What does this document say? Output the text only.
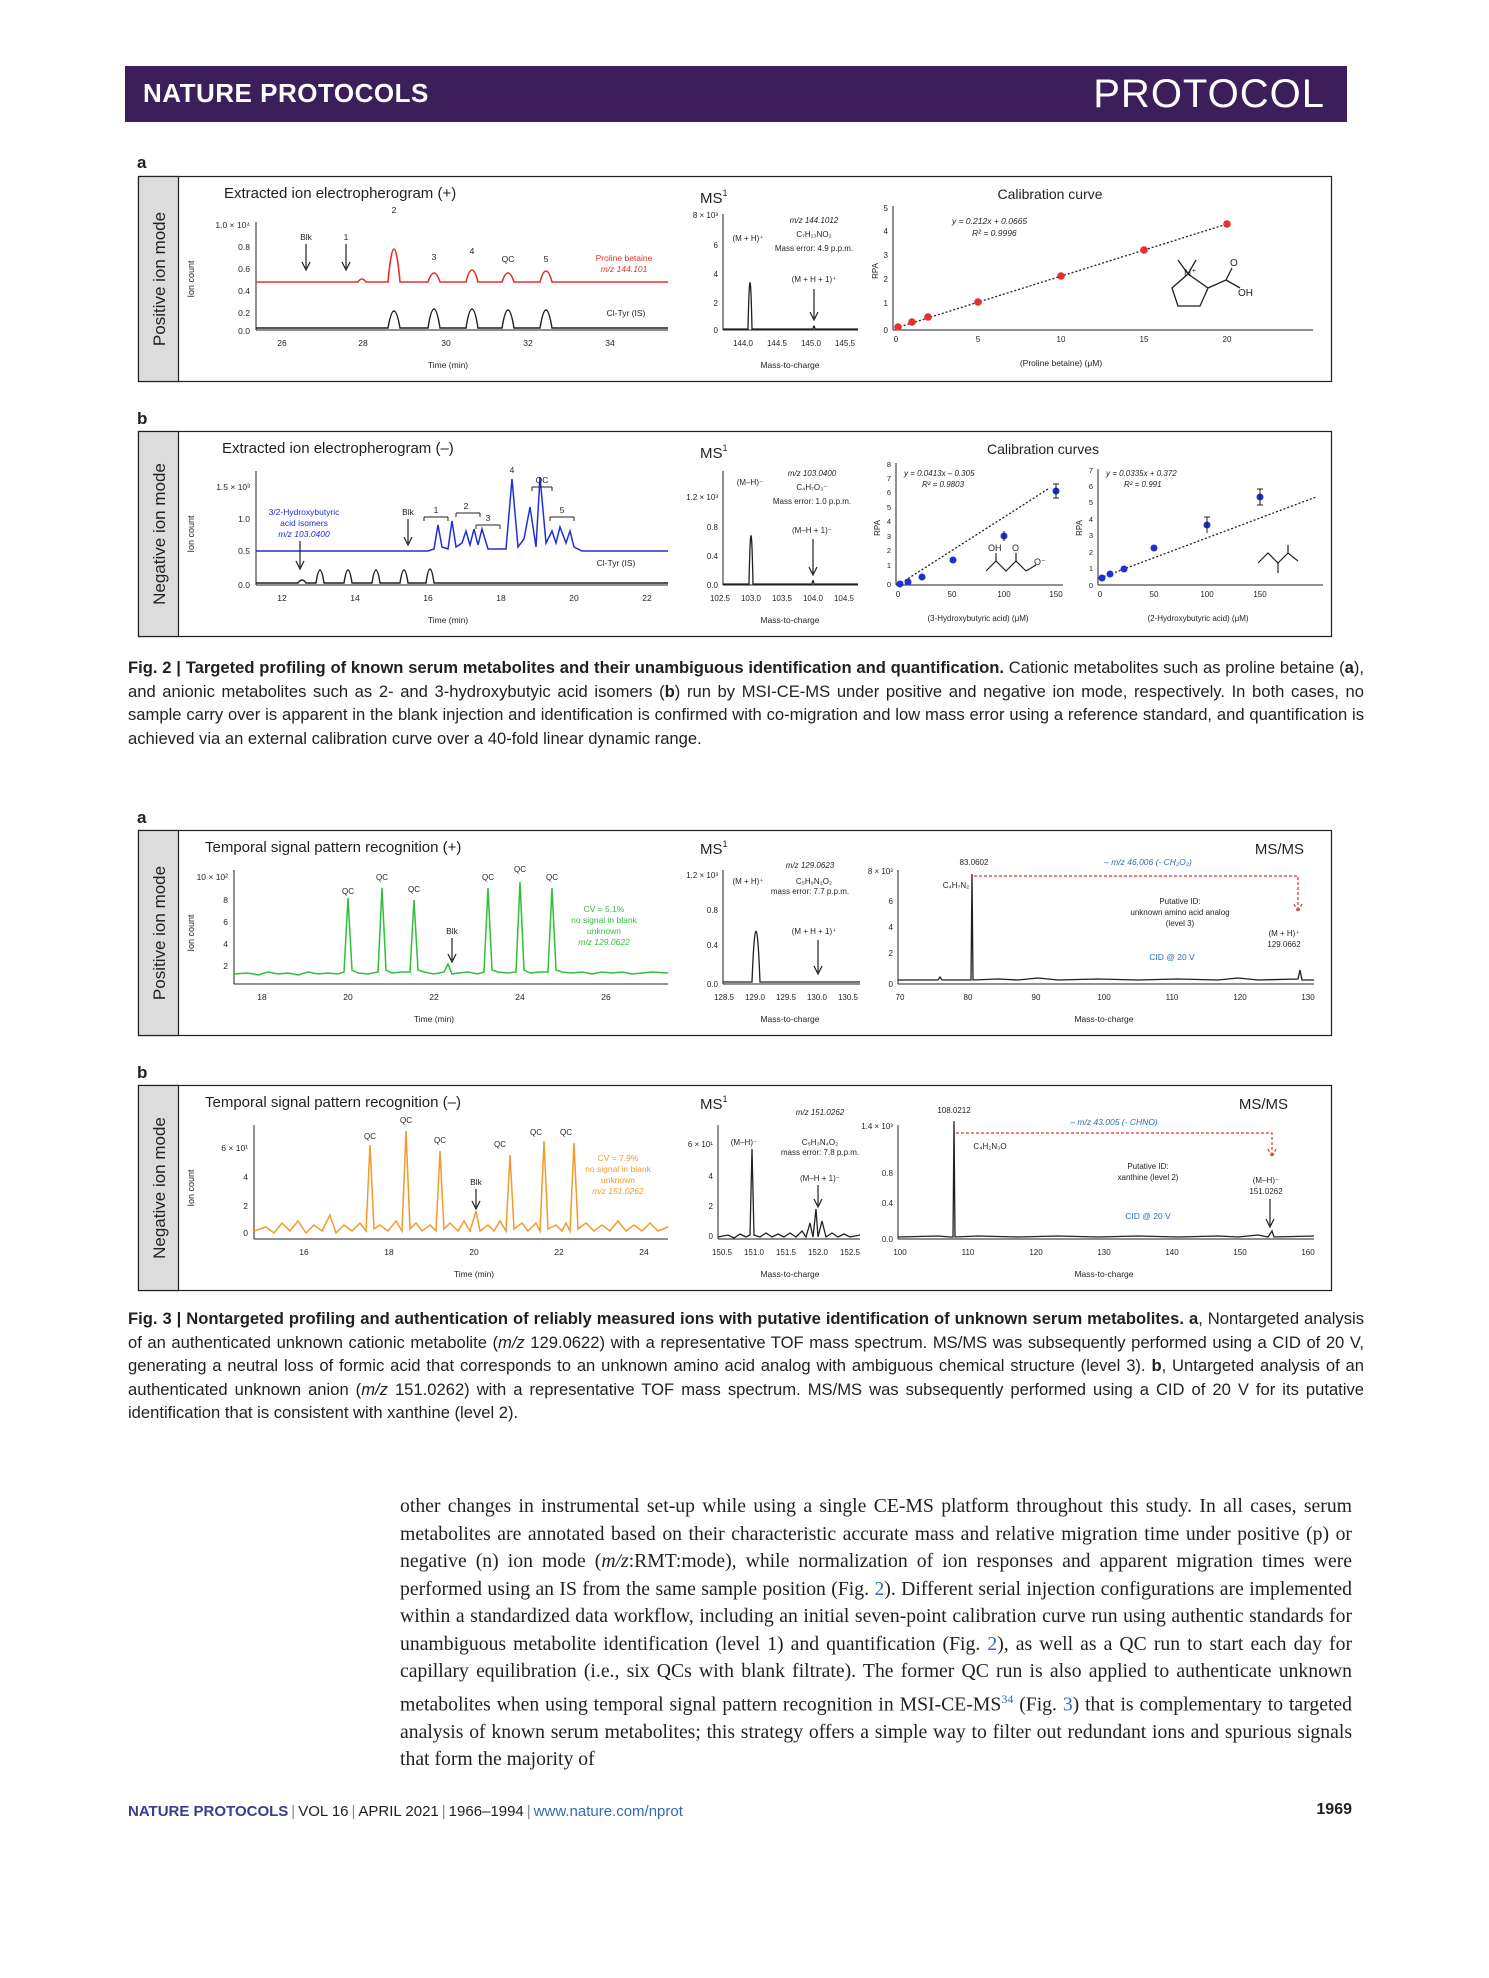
NATURE PROTOCOLS	PROTOCOL
a
Positive ion mode Ion count
Extracted ion electropherogram (+)
1.0 × 10⁴
0.8
0.6
0.4
0.2
0.0
26	28	30	32	34
Time (min)
2
3
4
QC	5
Blk	1
Proline betaine
m/z 144.101
Cl-Tyr (IS)
$MS^1$
8 × 10³
6
4
2
0
144.0 144.5 145.0 145.5
Mass-to-charge
(M + H)⁺
m/z 144.1012
C₇H₁₃NO₂
Mass error: 4.9 p.p.m.
(M + H + 1)⁺
Calibration curve
RPA
5
4
3
2
1
0
0	5	10	15	20
(Proline betaine) (μM)
y = 0.212x + 0.0665
R² = 0.9996
N⁺
O
OH
b
Negative ion mode Ion count
Extracted ion electropherogram (–)
1.5 × 10³
1.0
0.5
0.0
12	14	16	18	20	22
Time (min)
4
QC
1	2
3
5
Blk
3/2-Hydroxybutyric
acid isomers
m/z 103.0400
Cl-Tyr (IS)
$MS^1$
1.2 × 10³
0.8
0.4
0.0
102.5 103.0 103.5 104.0 104.5
Mass-to-charge
(M–H)⁻
m/z 103.0400
C₄H₇O₃⁻
Mass error: 1.0 p.p.m.
(M–H + 1)⁻
Calibration curves
RPA
8
7
6
5
4
3
2
1
0
0	50	100	150
(3-Hydroxybutyric acid) (μM)
y = 0.0413x – 0.305
R² = 0.9803
OH O
O⁻
RPA
7
6
5
4
3
2
1
0
0	50	100	150
(2-Hydroxybutyric acid) (μM)
y = 0.0335x + 0.372
R² = 0.991
Fig. 2 | Targeted profiling of known serum metabolites and their unambiguous identification and quantification. Cationic metabolites such as proline betaine (a), and anionic metabolites such as 2- and 3-hydroxybutyic acid isomers (b) run by MSI-CE-MS under positive and negative ion mode, respectively. In both cases, no sample carry over is apparent in the blank injection and identification is confirmed with co-migration and low mass error using a reference standard, and quantification is achieved via an external calibration curve over a 40-fold linear dynamic range.
a
Positive ion mode Ion count
Temporal signal pattern recognition (+)
10 × 10²
8
6
4
2
18	20	22	24	26
Time (min)
QC
QC
QC
QC
QC
QC
Blk
CV = 5.1%
no signal in blank
unknown
m/z 129.0622
$MS^1$
1.2 × 10³
0.8
0.4
0.0
128.5 129.0 129.5 130.0 130.5
Mass-to-charge
(M + H)⁺
m/z 129.0623
C₅H₉N₂O₂
mass error: 7.7 p.p.m.
(M + H + 1)⁺
MS/MS
8 × 10²
6
4
2
0
70	80	90	100	110	120	130
Mass-to-charge
83.0602
C₄H₇N₂
– m/z 46.006 (- CH₂O₂)
Putative ID:
unknown amino acid analog
(level 3)
(M + H)⁺
129.0662
CID @ 20 V
b
Negative ion mode Ion count
Temporal signal pattern recognition (–)
6 × 10¹
4
2
0
16	18	20	22	24
Time (min)
QC
QC
QC	QC
QC QC
Blk
CV = 7.9%
no signal in blank
unknown
m/z 151.0262
$MS^1$
6 × 10¹
4
2
0
150.5 151.0 151.5 152.0 152.5
Mass-to-charge
(M–H)⁻
m/z 151.0262
C₅H₃N₄O₂
mass error: 7.8 p.p.m.
(M–H + 1)⁻
MS/MS
1.4 × 10³
0.8
0.4
0.0
100	110	120	130	140	150	160
Mass-to-charge
108.0212
C₄H₂N₃O
– m/z 43.005 (- CHNO)
Putative ID:
xanthine (level 2)	(M–H)⁻
151.0262
CID @ 20 V
Fig. 3 | Nontargeted profiling and authentication of reliably measured ions with putative identification of unknown serum metabolites. a, Nontargeted analysis of an authenticated unknown cationic metabolite (m/z 129.0622) with a representative TOF mass spectrum. MS/MS was subsequently performed using a CID of 20 V, generating a neutral loss of formic acid that corresponds to an unknown amino acid analog with ambiguous chemical structure (level 3). b, Untargeted analysis of an authenticated unknown anion (m/z 151.0262) with a representative TOF mass spectrum. MS/MS was subsequently performed using a CID of 20 V for its putative identification that is consistent with xanthine (level 2).
other changes in instrumental set-up while using a single CE-MS platform throughout this study. In all cases, serum metabolites are annotated based on their characteristic accurate mass and relative migration time under positive (p) or negative (n) ion mode (m/z:RMT:mode), while normalization of ion responses and apparent migration times were performed using an IS from the same sample position (Fig. 2). Different serial injection configurations are implemented within a standardized data workflow, including an initial seven-point calibration curve run using authentic standards for unambiguous metabolite identification (level 1) and quantification (Fig. 2), as well as a QC run to start each day for capillary equilibration (i.e., six QCs with blank filtrate). The former QC run is also applied to authenticate unknown metabolites when using temporal signal pattern recognition in MSI-CE-MS$^{34}$ (Fig. 3) that is complementary to targeted analysis of known serum metabolites; this strategy offers a simple way to filter out redundant ions and spurious signals that form the majority of
NATURE PROTOCOLS | VOL 16 | APRIL 2021 | 1966–1994 | www.nature.com/nprot	1969
